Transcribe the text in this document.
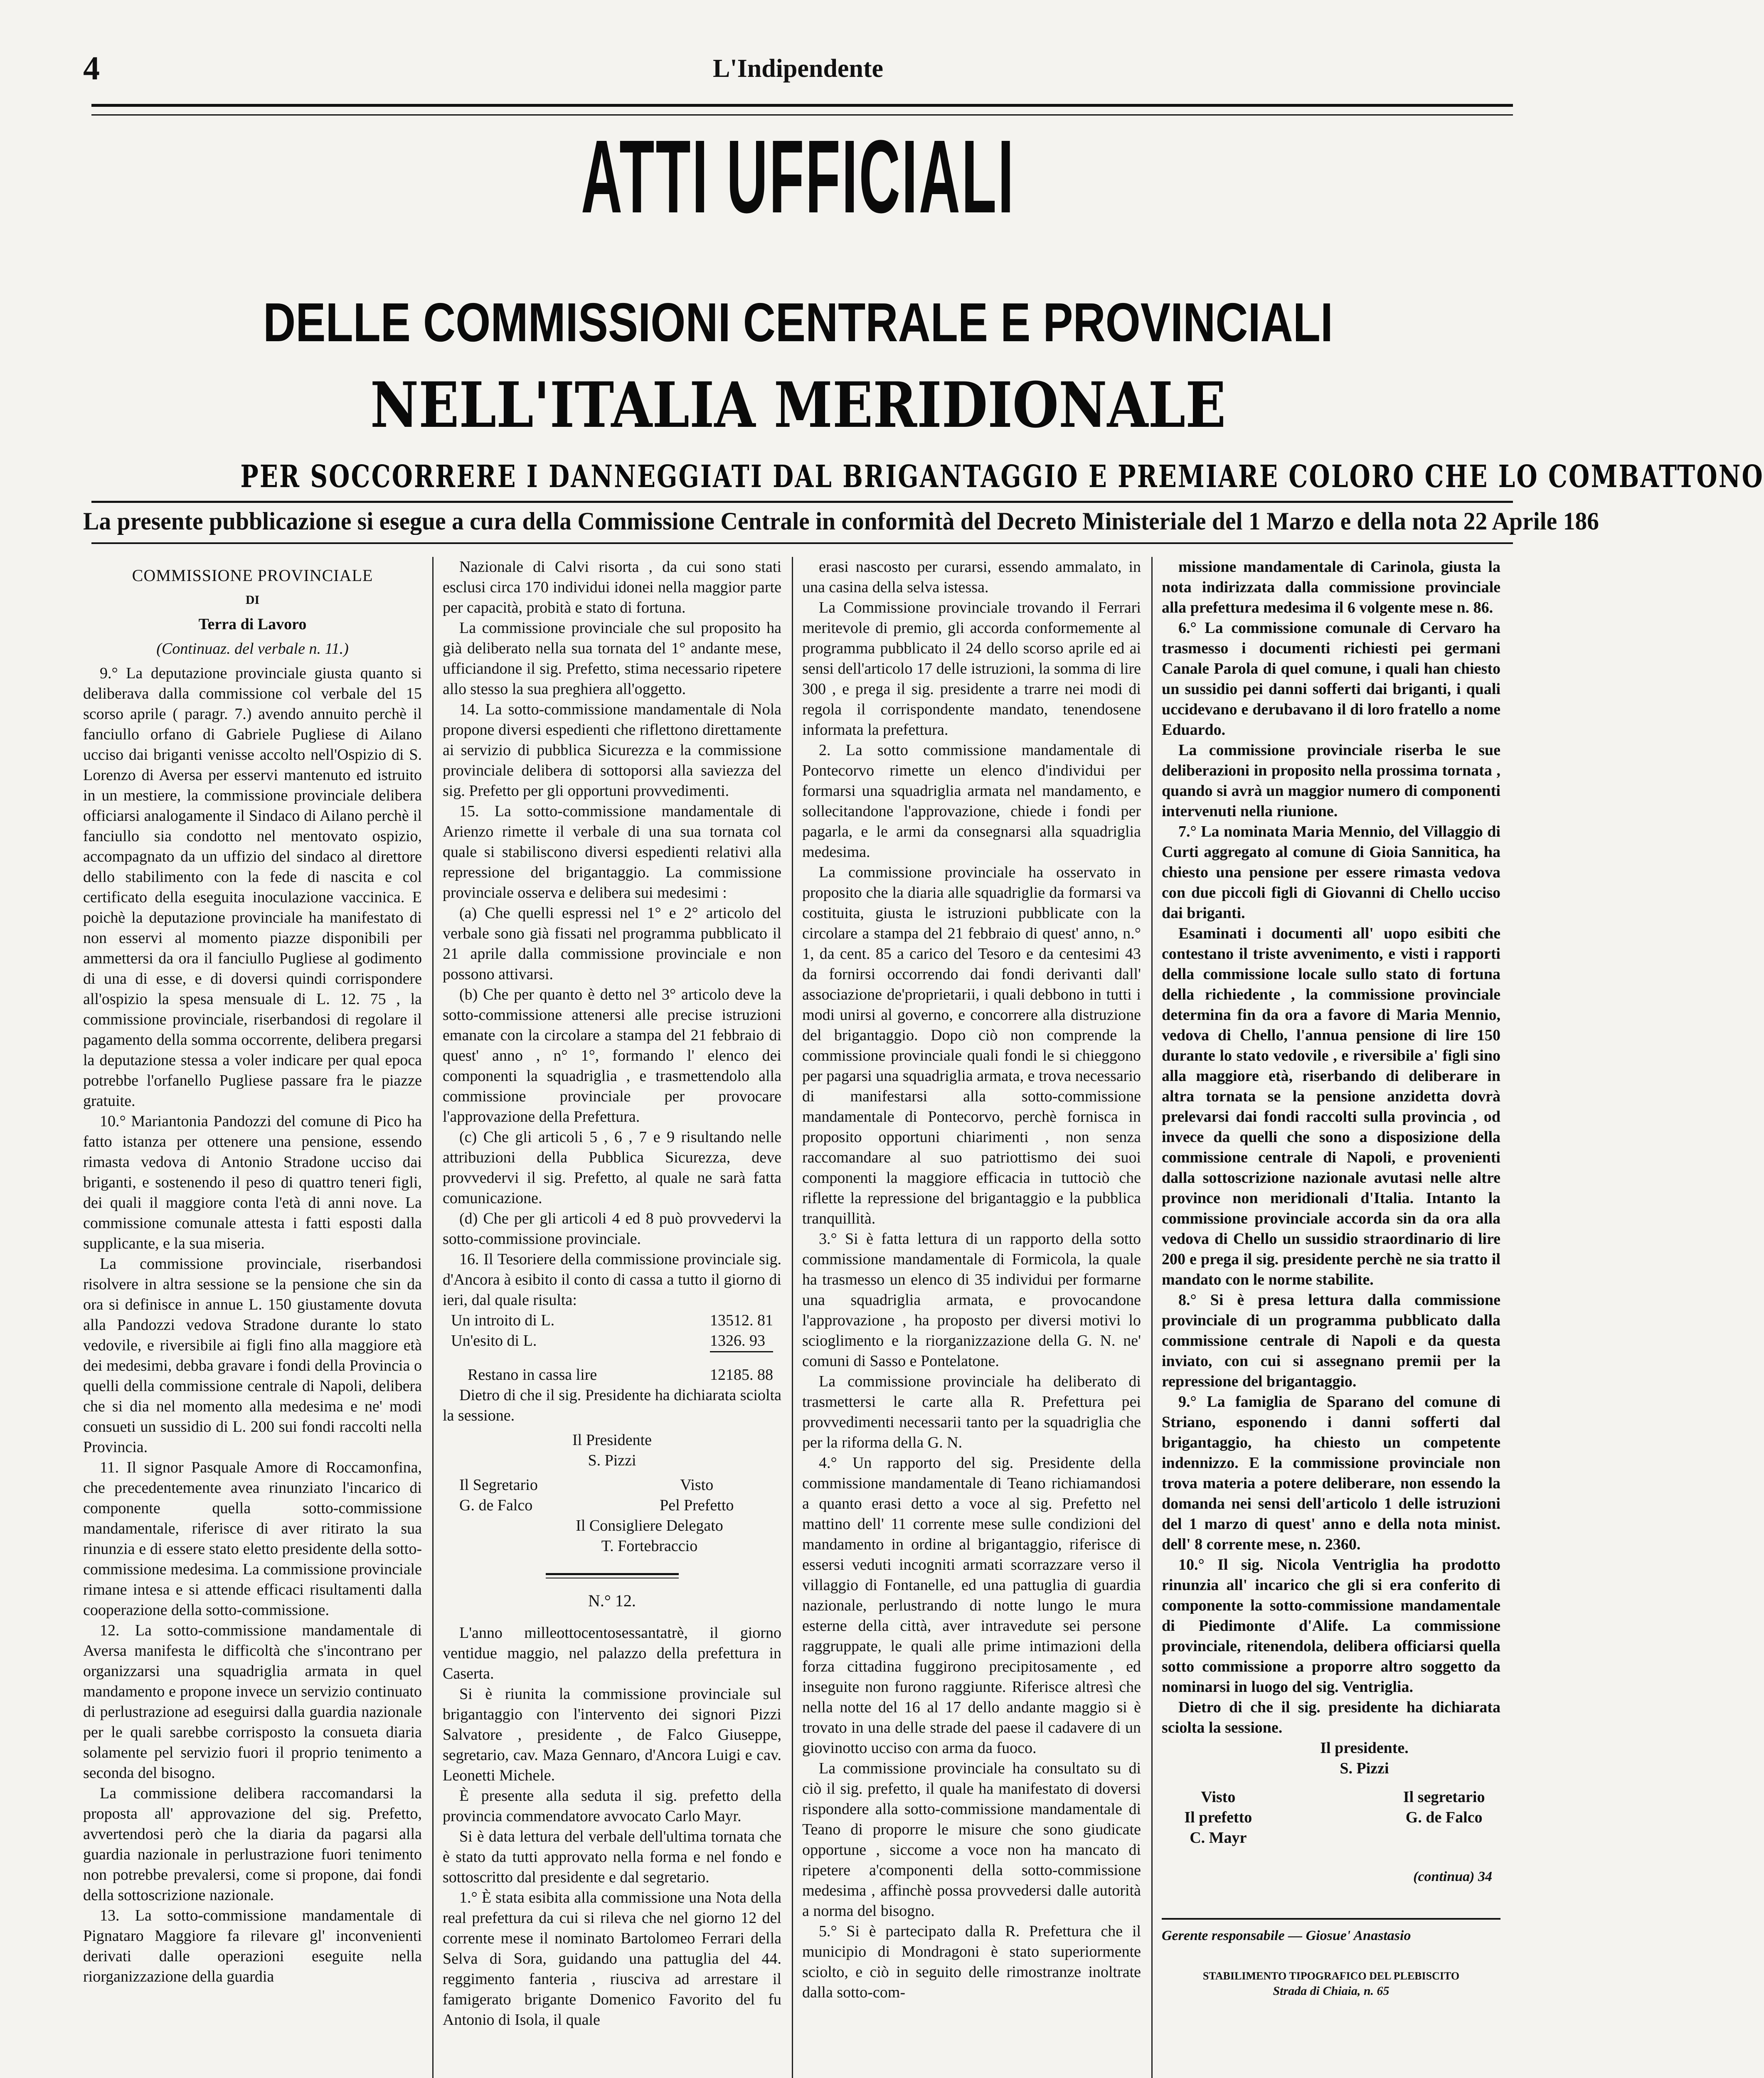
4	L'Indipendente
ATTI UFFICIALI
DELLE COMMISSIONI CENTRALE E PROVINCIALI
NELL'ITALIA MERIDIONALE
PER SOCCORRERE I DANNEGGIATI DAL BRIGANTAGGIO E PREMIARE COLORO CHE LO COMBATTONO
La presente pubblicazione si esegue a cura della Commissione Centrale in conformità del Decreto Ministeriale del 1 Marzo e della nota 22 Aprile 186

COMMISSIONE PROVINCIALE

DI

Terra di Lavoro

(Continuaz. del verbale n. 11.)

9.° La deputazione provinciale giusta quanto si deliberava dalla commissione col verbale del 15 scorso aprile ( paragr. 7.) avendo annuito perchè il fanciullo orfano di Gabriele Pugliese di Ailano ucciso dai briganti venisse accolto nell'Ospizio di S. Lorenzo di Aversa per esservi mantenuto ed istruito in un mestiere, la commissione provinciale delibera officiarsi analogamente il Sindaco di Ailano perchè il fanciullo sia condotto nel mentovato ospizio, accompagnato da un uffizio del sindaco al direttore dello stabilimento con la fede di nascita e col certificato della eseguita inoculazione vaccinica. E poichè la deputazione provinciale ha manifestato di non esservi al momento piazze disponibili per ammettersi da ora il fanciullo Pugliese al godimento di una di esse, e di doversi quindi corrispondere all'ospizio la spesa mensuale di L. 12. 75 , la commissione provinciale, riserbandosi di regolare il pagamento della somma occorrente, delibera pregarsi la deputazione stessa a voler indicare per qual epoca potrebbe l'orfanello Pugliese passare fra le piazze gratuite.

10.° Mariantonia Pandozzi del comune di Pico ha fatto istanza per ottenere una pensione, essendo rimasta vedova di Antonio Stradone ucciso dai briganti, e sostenendo il peso di quattro teneri figli, dei quali il maggiore conta l'età di anni nove. La commissione comunale attesta i fatti esposti dalla supplicante, e la sua miseria.

La commissione provinciale, riserbandosi risolvere in altra sessione se la pensione che sin da ora si definisce in annue L. 150 giustamente dovuta alla Pandozzi vedova Stradone durante lo stato vedovile, e riversibile ai figli fino alla maggiore età dei medesimi, debba gravare i fondi della Provincia o quelli della commissione centrale di Napoli, delibera che si dia nel momento alla medesima e ne' modi consueti un sussidio di L. 200 sui fondi raccolti nella Provincia.

11. Il signor Pasquale Amore di Roccamonfina, che precedentemente avea rinunziato l'incarico di componente quella sotto-commissione mandamentale, riferisce di aver ritirato la sua rinunzia e di essere stato eletto presidente della sotto-commissione medesima. La commissione provinciale rimane intesa e si attende efficaci risultamenti dalla cooperazione della sotto-commissione.

12. La sotto-commissione mandamentale di Aversa manifesta le difficoltà che s'incontrano per organizzarsi una squadriglia armata in quel mandamento e propone invece un servizio continuato di perlustrazione ad eseguirsi dalla guardia nazionale per le quali sarebbe corrisposto la consueta diaria solamente pel servizio fuori il proprio tenimento a seconda del bisogno.

La commissione delibera raccomandarsi la proposta all' approvazione del sig. Prefetto, avvertendosi però che la diaria da pagarsi alla guardia nazionale in perlustrazione fuori tenimento non potrebbe prevalersi, come si propone, dai fondi della sottoscrizione nazionale.

13. La sotto-commissione mandamentale di Pignataro Maggiore fa rilevare gl' inconvenienti derivati dalle operazioni eseguite nella riorganizzazione della guardia

Nazionale di Calvi risorta , da cui sono stati esclusi circa 170 individui idonei nella maggior parte per capacità, probità e stato di fortuna.

La commissione provinciale che sul proposito ha già deliberato nella sua tornata del 1° andante mese, ufficiandone il sig. Prefetto, stima necessario ripetere allo stesso la sua preghiera all'oggetto.

14. La sotto-commissione mandamentale di Nola propone diversi espedienti che riflettono direttamente ai servizio di pubblica Sicurezza e la commissione provinciale delibera di sottoporsi alla saviezza del sig. Prefetto per gli opportuni provvedimenti.

15. La sotto-commissione mandamentale di Arienzo rimette il verbale di una sua tornata col quale si stabiliscono diversi espedienti relativi alla repressione del brigantaggio. La commissione provinciale osserva e delibera sui medesimi :

(a) Che quelli espressi nel 1° e 2° articolo del verbale sono già fissati nel programma pubblicato il 21 aprile dalla commissione provinciale e non possono attivarsi.

(b) Che per quanto è detto nel 3° articolo deve la sotto-commissione attenersi alle precise istruzioni emanate con la circolare a stampa del 21 febbraio di quest' anno , n° 1°, formando l' elenco dei componenti la squadriglia , e trasmettendolo alla commissione provinciale per provocare l'approvazione della Prefettura.

(c) Che gli articoli 5 , 6 , 7 e 9 risultando nelle attribuzioni della Pubblica Sicurezza, deve provvedervi il sig. Prefetto, al quale ne sarà fatta comunicazione.

(d) Che per gli articoli 4 ed 8 può provvedervi la sotto-commissione provinciale.

16. Il Tesoriere della commissione provinciale sig. d'Ancora à esibito il conto di cassa a tutto il giorno di ieri, dal quale risulta:

Un introito di L.	13512. 81
Un'esito di L.	1326. 93
Restano in cassa lire	12185. 88

Dietro di che il sig. Presidente ha dichiarata sciolta la sessione.

Il Presidente

S. Pizzi

Il Segretario	Visto
G. de Falco	Pel Prefetto

Il Consigliere Delegato

T. Fortebraccio

N.° 12.

L'anno milleottocentosessantatrè, il giorno ventidue maggio, nel palazzo della prefettura in Caserta.

Si è riunita la commissione provinciale sul brigantaggio con l'intervento dei signori Pizzi Salvatore , presidente , de Falco Giuseppe, segretario, cav. Maza Gennaro, d'Ancora Luigi e cav. Leonetti Michele.

È presente alla seduta il sig. prefetto della provincia commendatore avvocato Carlo Mayr.

Si è data lettura del verbale dell'ultima tornata che è stato da tutti approvato nella forma e nel fondo e sottoscritto dal presidente e dal segretario.

1.° È stata esibita alla commissione una Nota della real prefettura da cui si rileva che nel giorno 12 del corrente mese il nominato Bartolomeo Ferrari della Selva di Sora, guidando una pattuglia del 44. reggimento fanteria , riusciva ad arrestare il famigerato brigante Domenico Favorito del fu Antonio di Isola, il quale

erasi nascosto per curarsi, essendo ammalato, in una casina della selva istessa.

La Commissione provinciale trovando il Ferrari meritevole di premio, gli accorda conformemente al programma pubblicato il 24 dello scorso aprile ed ai sensi dell'articolo 17 delle istruzioni, la somma di lire 300 , e prega il sig. presidente a trarre nei modi di regola il corrispondente mandato, tenendosene informata la prefettura.

2. La sotto commissione mandamentale di Pontecorvo rimette un elenco d'individui per formarsi una squadriglia armata nel mandamento, e sollecitandone l'approvazione, chiede i fondi per pagarla, e le armi da consegnarsi alla squadriglia medesima.

La commissione provinciale ha osservato in proposito che la diaria alle squadriglie da formarsi va costituita, giusta le istruzioni pubblicate con la circolare a stampa del 21 febbraio di quest' anno, n.° 1, da cent. 85 a carico del Tesoro e da centesimi 43 da fornirsi occorrendo dai fondi derivanti dall' associazione de'proprietarii, i quali debbono in tutti i modi unirsi al governo, e concorrere alla distruzione del brigantaggio. Dopo ciò non comprende la commissione provinciale quali fondi le si chieggono per pagarsi una squadriglia armata, e trova necessario di manifestarsi alla sotto-commissione mandamentale di Pontecorvo, perchè fornisca in proposito opportuni chiarimenti , non senza raccomandare al suo patriottismo dei suoi componenti la maggiore efficacia in tuttociò che riflette la repressione del brigantaggio e la pubblica tranquillità.

3.° Si è fatta lettura di un rapporto della sotto commissione mandamentale di Formicola, la quale ha trasmesso un elenco di 35 individui per formarne una squadriglia armata, e provocandone l'approvazione , ha proposto per diversi motivi lo scioglimento e la riorganizzazione della G. N. ne' comuni di Sasso e Pontelatone.

La commissione provinciale ha deliberato di trasmettersi le carte alla R. Prefettura pei provvedimenti necessarii tanto per la squadriglia che per la riforma della G. N.

4.° Un rapporto del sig. Presidente della commissione mandamentale di Teano richiamandosi a quanto erasi detto a voce al sig. Prefetto nel mattino dell' 11 corrente mese sulle condizioni del mandamento in ordine al brigantaggio, riferisce di essersi veduti incogniti armati scorrazzare verso il villaggio di Fontanelle, ed una pattuglia di guardia nazionale, perlustrando di notte lungo le mura esterne della città, aver intravedute sei persone raggruppate, le quali alle prime intimazioni della forza cittadina fuggirono precipitosamente , ed inseguite non furono raggiunte. Riferisce altresì che nella notte del 16 al 17 dello andante maggio si è trovato in una delle strade del paese il cadavere di un giovinotto ucciso con arma da fuoco.

La commissione provinciale ha consultato su di ciò il sig. prefetto, il quale ha manifestato di doversi rispondere alla sotto-commissione mandamentale di Teano di proporre le misure che sono giudicate opportune , siccome a voce non ha mancato di ripetere a'componenti della sotto-commissione medesima , affinchè possa provvedersi dalle autorità a norma del bisogno.

5.° Si è partecipato dalla R. Prefettura che il municipio di Mondragoni è stato superiormente sciolto, e ciò in seguito delle rimostranze inoltrate dalla sotto-com-

missione mandamentale di Carinola, giusta la nota indirizzata dalla commissione provinciale alla prefettura medesima il 6 volgente mese n. 86.

6.° La commissione comunale di Cervaro ha trasmesso i documenti richiesti pei germani Canale Parola di quel comune, i quali han chiesto un sussidio pei danni sofferti dai briganti, i quali uccidevano e derubavano il di loro fratello a nome Eduardo.

La commissione provinciale riserba le sue deliberazioni in proposito nella prossima tornata , quando si avrà un maggior numero di componenti intervenuti nella riunione.

7.° La nominata Maria Mennio, del Villaggio di Curti aggregato al comune di Gioia Sannitica, ha chiesto una pensione per essere rimasta vedova con due piccoli figli di Giovanni di Chello ucciso dai briganti.

Esaminati i documenti all' uopo esibiti che contestano il triste avvenimento, e visti i rapporti della commissione locale sullo stato di fortuna della richiedente , la commissione provinciale determina fin da ora a favore di Maria Mennio, vedova di Chello, l'annua pensione di lire 150 durante lo stato vedovile , e riversibile a' figli sino alla maggiore età, riserbando di deliberare in altra tornata se la pensione anzidetta dovrà prelevarsi dai fondi raccolti sulla provincia , od invece da quelli che sono a disposizione della commissione centrale di Napoli, e provenienti dalla sottoscrizione nazionale avutasi nelle altre province non meridionali d'Italia. Intanto la commissione provinciale accorda sin da ora alla vedova di Chello un sussidio straordinario di lire 200 e prega il sig. presidente perchè ne sia tratto il mandato con le norme stabilite.

8.° Si è presa lettura dalla commissione provinciale di un programma pubblicato dalla commissione centrale di Napoli e da questa inviato, con cui si assegnano premii per la repressione del brigantaggio.

9.° La famiglia de Sparano del comune di Striano, esponendo i danni sofferti dal brigantaggio, ha chiesto un competente indennizzo. E la commissione provinciale non trova materia a potere deliberare, non essendo la domanda nei sensi dell'articolo 1 delle istruzioni del 1 marzo di quest' anno e della nota minist. dell' 8 corrente mese, n. 2360.

10.° Il sig. Nicola Ventriglia ha prodotto rinunzia all' incarico che gli si era conferito di componente la sotto-commissione mandamentale di Piedimonte d'Alife. La commissione provinciale, ritenendola, delibera officiarsi quella sotto commissione a proporre altro soggetto da nominarsi in luogo del sig. Ventriglia.

Dietro di che il sig. presidente ha dichiarata sciolta la sessione.

Il presidente.

S. Pizzi

Visto	Il segretario
Il prefetto	G. de Falco
C. Mayr
(continua) 34
Gerente responsabile — Giosue' Anastasio
STABILIMENTO TIPOGRAFICO DEL PLEBISCITO
Strada di Chiaia, n. 65
